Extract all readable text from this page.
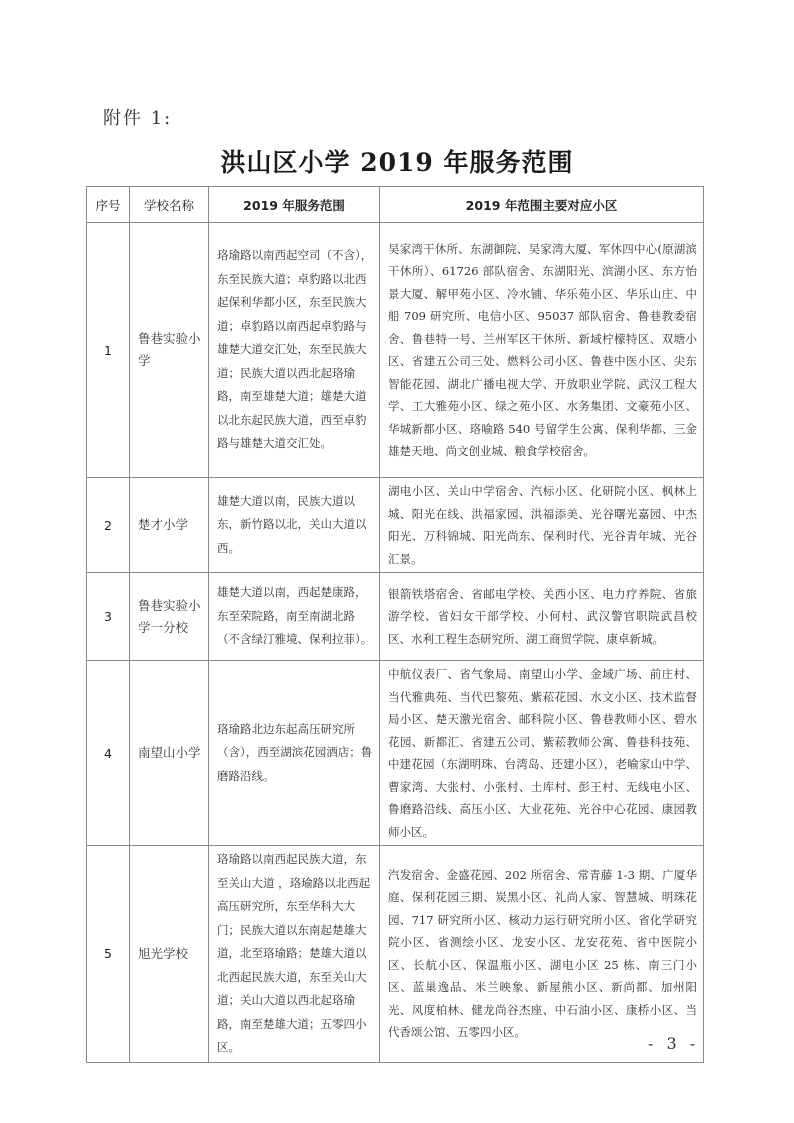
附件 1:
洪山区小学 2019 年服务范围
序号	学校名称	2019 年服务范围	2019 年范围主要对应小区
1	鲁巷实验小学	珞瑜路以南西起空司（不含），东至民族大道；卓豹路以北西起保利华都小区，东至民族大道；卓豹路以南西起卓豹路与雄楚大道交汇处，东至民族大道；民族大道以西北起珞瑜路，南至雄楚大道；雄楚大道以北东起民族大道，西至卓豹路与雄楚大道交汇处。	吴家湾干休所、东湖御院、吴家湾大厦、军休四中心(原湖滨干休所）、61726 部队宿舍、东湖阳光、滨湖小区、东方怡景大厦、解甲苑小区、冷水铺、华乐苑小区、华乐山庄、中船 709 研究所、电信小区、95037 部队宿舍、鲁巷教委宿舍、鲁巷特一号、兰州军区干休所、新域柠檬特区、双塘小区、省建五公司三处、燃料公司小区、鲁巷中医小区、尖东智能花园、湖北广播电视大学、开放职业学院、武汉工程大学、工大雅苑小区、绿之苑小区、水务集团、文豪苑小区、华城新都小区、珞喻路 540 号留学生公寓、保利华都、三金雄楚天地、尚文创业城、粮食学校宿舍。
2	楚才小学	雄楚大道以南，民族大道以东，新竹路以北，关山大道以西。	湖电小区、关山中学宿舍、汽标小区、化研院小区、枫林上城、阳光在线、洪福家园、洪福添美、光谷曙光嘉园、中杰阳光、万科锦城、阳光尚东、保利时代、光谷青年城、光谷汇景。
3	鲁巷实验小学一分校	雄楚大道以南，西起楚康路，东至荣院路，南至南湖北路（不含绿汀雅境、保利拉菲）。	银箭铁塔宿舍、省邮电学校、关西小区、电力疗养院、省旅游学校、省妇女干部学校、小何村、武汉警官职院武昌校区、水利工程生态研究所、湖工商贸学院、康卓新城。
4	南望山小学	珞瑜路北边东起高压研究所（含），西至湖滨花园酒店；鲁磨路沿线。	中航仪表厂、省气象局、南望山小学、金域广场、前庄村、当代雅典苑、当代巴黎苑、紫菘花园、水文小区、技术监督局小区、楚天激光宿舍、邮科院小区、鲁巷教师小区、碧水花园、新都汇、省建五公司、紫菘教师公寓、鲁巷科技苑、中建花园（东湖明珠、台湾岛、还建小区），老喻家山中学、曹家湾、大张村、小张村、土库村、彭王村、无线电小区、鲁磨路沿线、高压小区、大业花苑、光谷中心花园、康园教师小区。
5	旭光学校	珞瑜路以南西起民族大道，东至关山大道 ，珞瑜路以北西起高压研究所，东至华科大大门；民族大道以东南起楚雄大道，北至珞瑜路；楚雄大道以北西起民族大道，东至关山大道；关山大道以西北起珞瑜路，南至楚雄大道；五零四小区。	汽发宿舍、金盛花园、202 所宿舍、常青藤 1-3 期、广厦华庭、保利花园三期、炭黑小区、礼尚人家、智慧城、明珠花园、717 研究所小区、核动力运行研究所小区、省化学研究院小区、省测绘小区、龙安小区、龙安花苑、省中医院小区、长航小区、保温瓶小区、湖电小区 25 栋、南三门小区、蓝巢逸品、米兰映象、新屋熊小区、新尚都、加州阳光、风度柏林、健龙尚谷杰座、中石油小区、康桥小区、当代香颂公馆、五零四小区。
- 3 -
